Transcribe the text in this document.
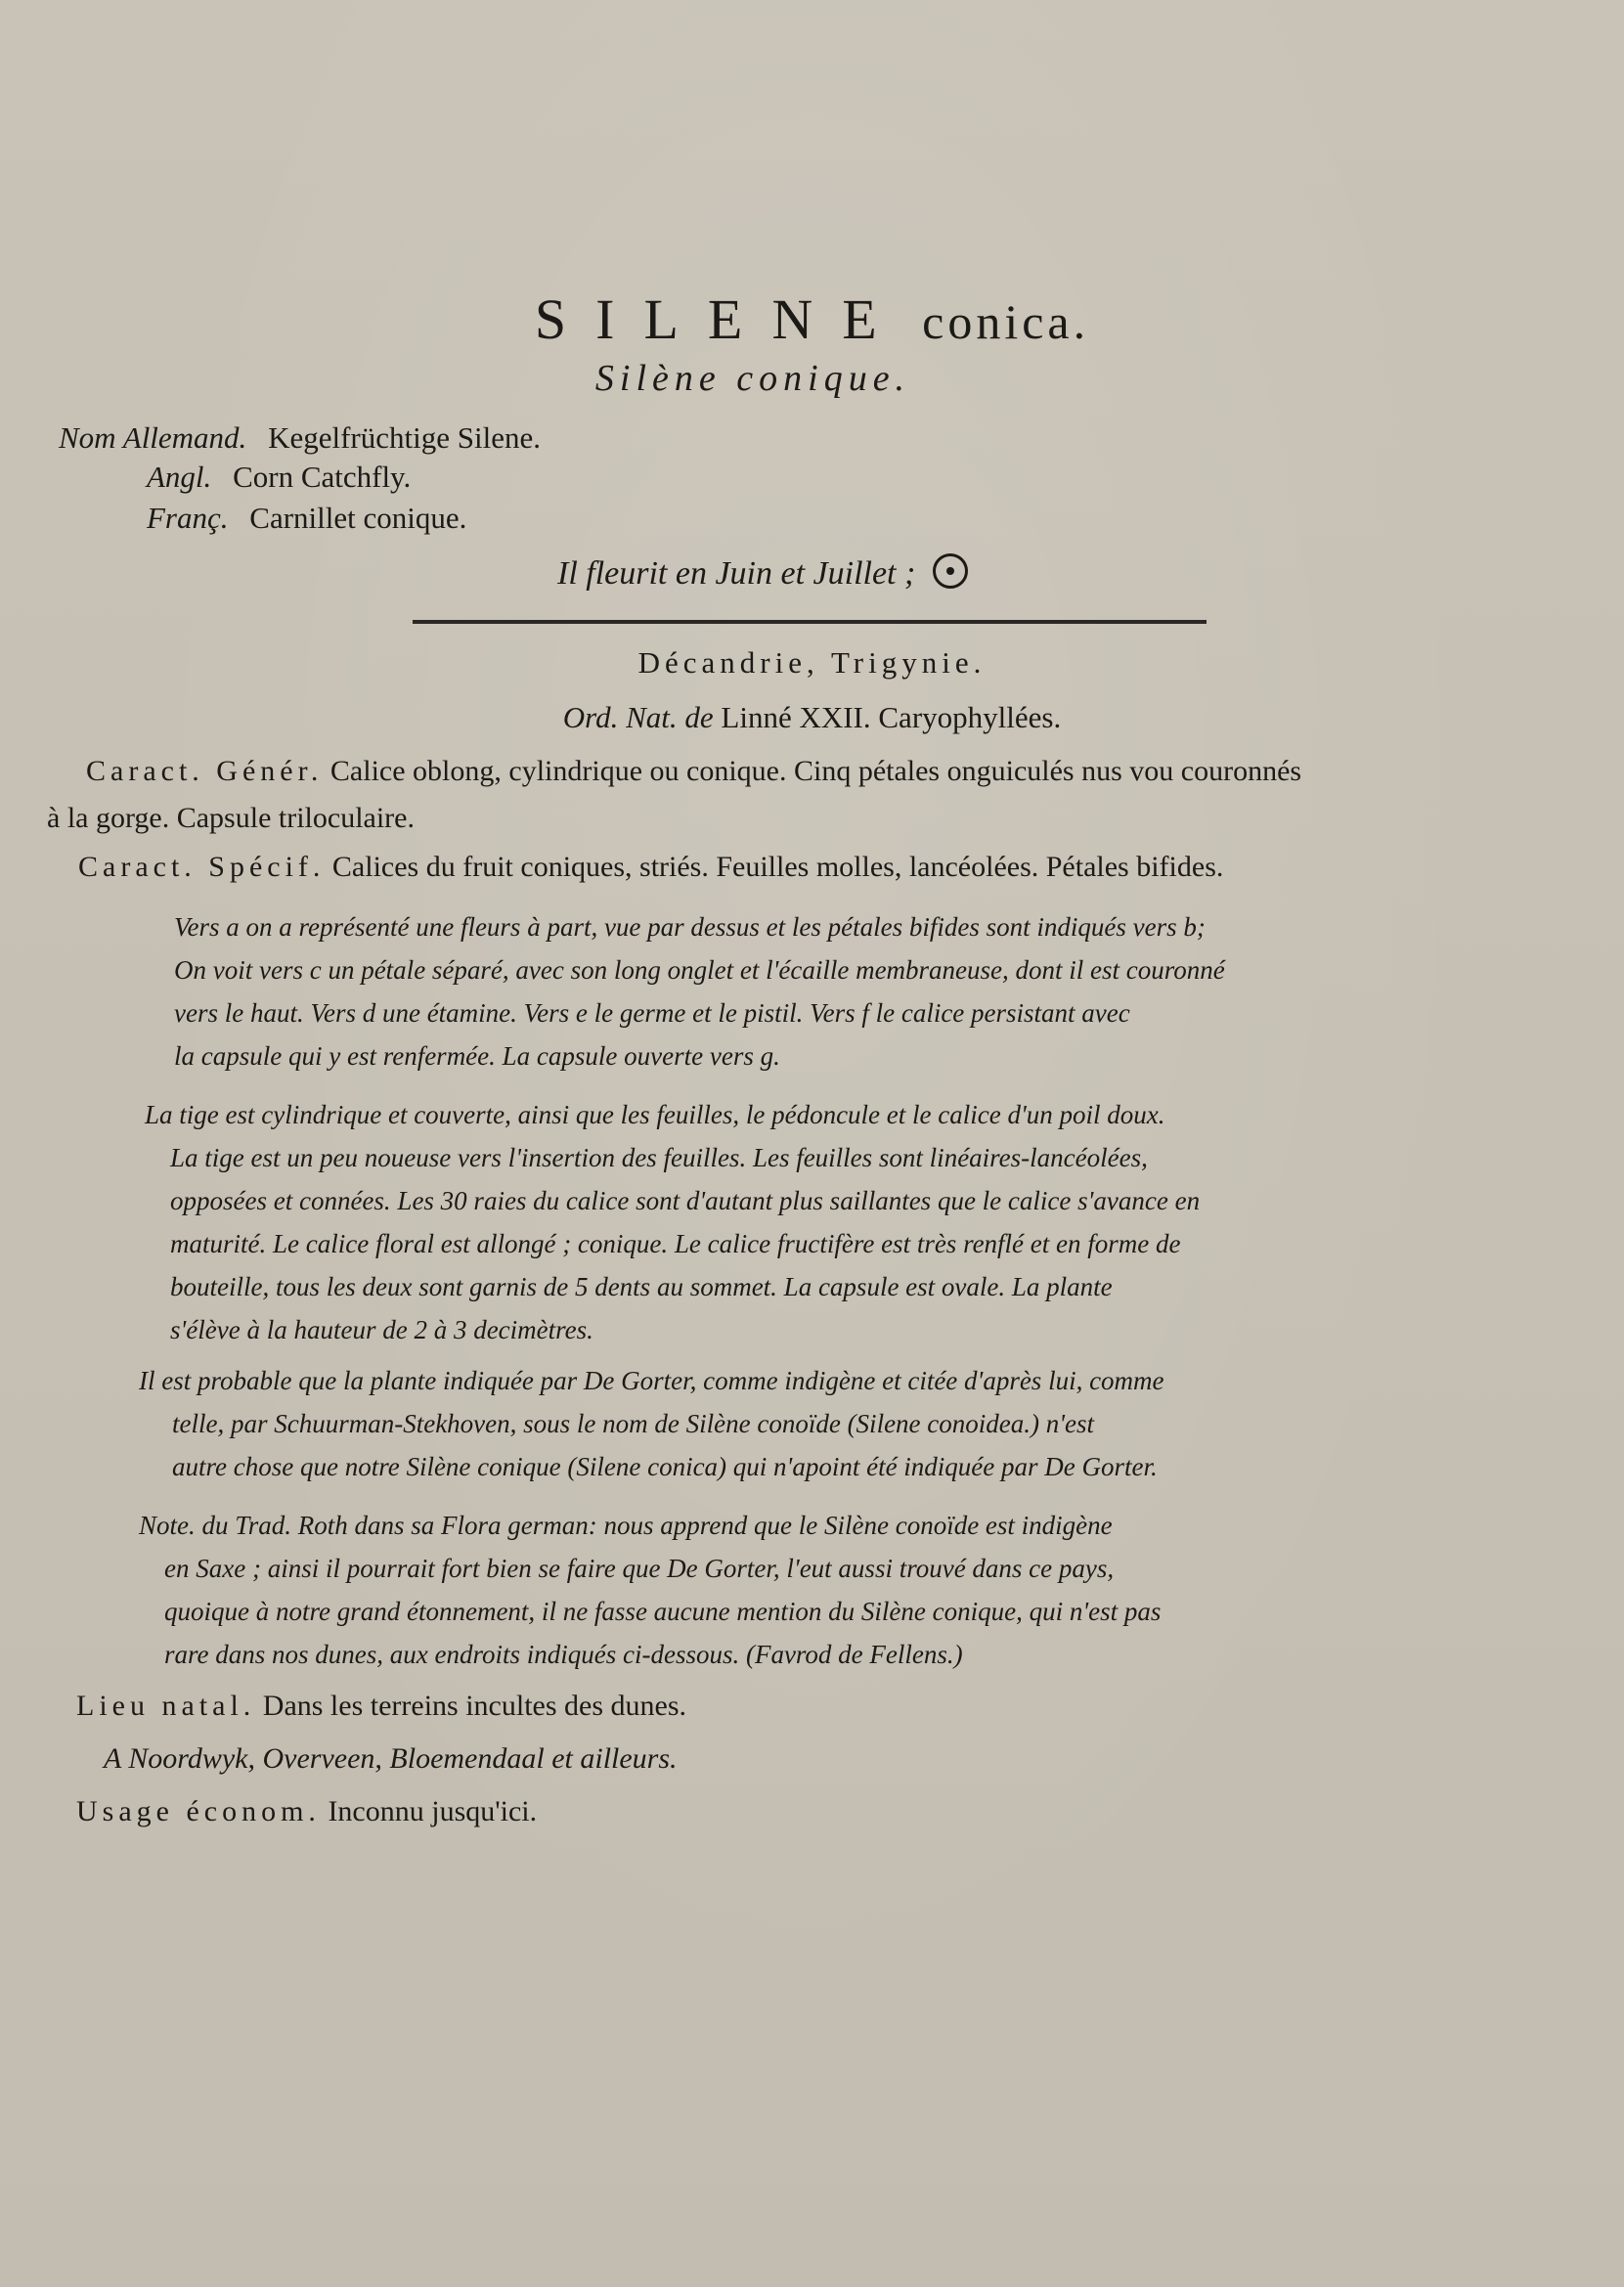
SILENE conica.
Silène conique.
Nom Allemand. Kegelfrüchtige Silene.
Angl. Corn Catchfly.
Franç. Carnillet conique.
Il fleurit en Juin et Juillet ;
Décandrie, Trigynie.
Ord. Nat. de Linné XXII. Caryophyllées.
Caract. Génér. Calice oblong, cylindrique ou conique. Cinq pétales onguiculés nus vou couronnés
à la gorge. Capsule triloculaire.
Caract. Spécif. Calices du fruit coniques, striés. Feuilles molles, lancéolées. Pétales bifides.
Vers a on a représenté une fleurs à part, vue par dessus et les pétales bifides sont indiqués vers b;
On voit vers c un pétale séparé, avec son long onglet et l'écaille membraneuse, dont il est couronné
vers le haut. Vers d une étamine. Vers e le germe et le pistil. Vers f le calice persistant avec
la capsule qui y est renfermée. La capsule ouverte vers g.
La tige est cylindrique et couverte, ainsi que les feuilles, le pédoncule et le calice d'un poil doux.
La tige est un peu noueuse vers l'insertion des feuilles. Les feuilles sont linéaires-lancéolées,
opposées et connées. Les 30 raies du calice sont d'autant plus saillantes que le calice s'avance en
maturité. Le calice floral est allongé ; conique. Le calice fructifère est très renflé et en forme de
bouteille, tous les deux sont garnis de 5 dents au sommet. La capsule est ovale. La plante
s'élève à la hauteur de 2 à 3 decimètres.
Il est probable que la plante indiquée par De Gorter, comme indigène et citée d'après lui, comme
telle, par Schuurman-Stekhoven, sous le nom de Silène conoïde (Silene conoidea.) n'est
autre chose que notre Silène conique (Silene conica) qui n'apoint été indiquée par De Gorter.
Note. du Trad. Roth dans sa Flora german: nous apprend que le Silène conoïde est indigène
en Saxe ; ainsi il pourrait fort bien se faire que De Gorter, l'eut aussi trouvé dans ce pays,
quoique à notre grand étonnement, il ne fasse aucune mention du Silène conique, qui n'est pas
rare dans nos dunes, aux endroits indiqués ci-dessous. (Favrod de Fellens.)
Lieu natal. Dans les terreins incultes des dunes.
A Noordwyk, Overveen, Bloemendaal et ailleurs.
Usage économ. Inconnu jusqu'ici.
